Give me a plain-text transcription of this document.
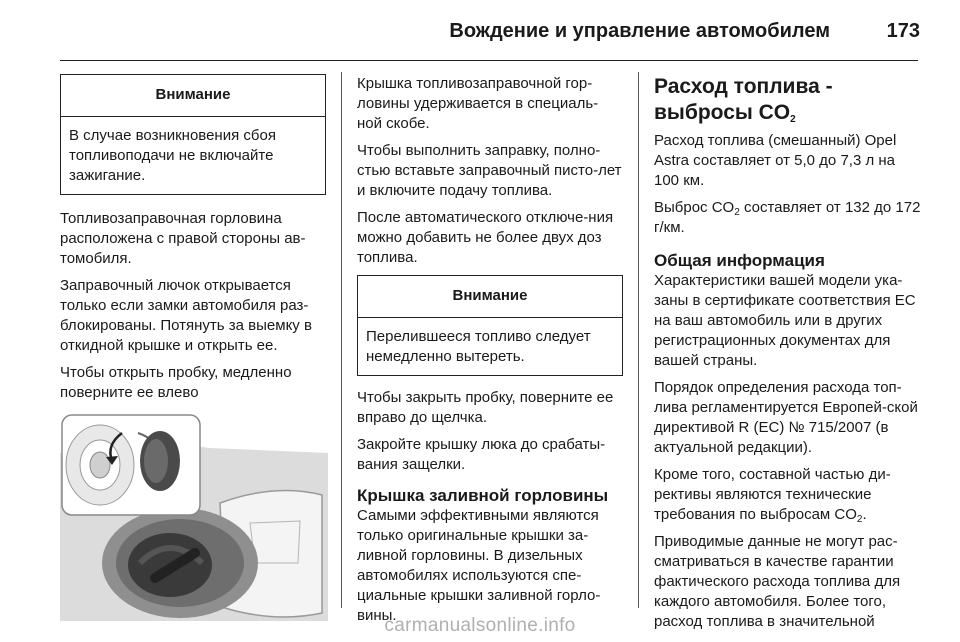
Вождение и управление автомобилем	173
Внимание
В случае возникновения сбоя топливоподачи не включайте зажигание.

Топливозаправочная горловина расположена с правой стороны ав-томобиля.

Заправочный лючок открывается только если замки автомобиля раз-блокированы. Потянуть за выемку в откидной крышке и открыть ее.

Чтобы открыть пробку, медленно поверните ее влево

Крышка топливозаправочной гор-ловины удерживается в специаль-ной скобе.

Чтобы выполнить заправку, полно-стью вставьте заправочный писто-лет и включите подачу топлива.

После автоматического отключе-ния можно добавить не более двух доз топлива.

Внимание
Перелившееся топливо следует немедленно вытереть.

Чтобы закрыть пробку, поверните ее вправо до щелчка.

Закройте крышку люка до срабаты-вания защелки.

Крышка заливной горловины

Самыми эффективными являются только оригинальные крышки за-ливной горловины. В дизельных автомобилях используются спе-циальные крышки заливной горло-вины.

Расход топлива -
выбросы $CO_2$

Расход топлива (смешанный) Opel Astra составляет от 5,0 до 7,3 л на 100 км.

Выброс $CO_2$ составляет от 132 до 172 г/км.

Общая информация

Характеристики вашей модели ука-заны в сертификате соответствия ЕС на ваш автомобиль или в других регистрационных документах для вашей страны.

Порядок определения расхода топ-лива регламентируется Европей-ской директивой R (EC) № 715/2007 (в актуальной редакции).

Кроме того, составной частью ди-рективы являются технические требования по выбросам $CO_2$.

Приводимые данные не могут рас-сматриваться в качестве гарантии фактического расхода топлива для каждого автомобиля. Более того, расход топлива в значительной

carmanualsonline.info
